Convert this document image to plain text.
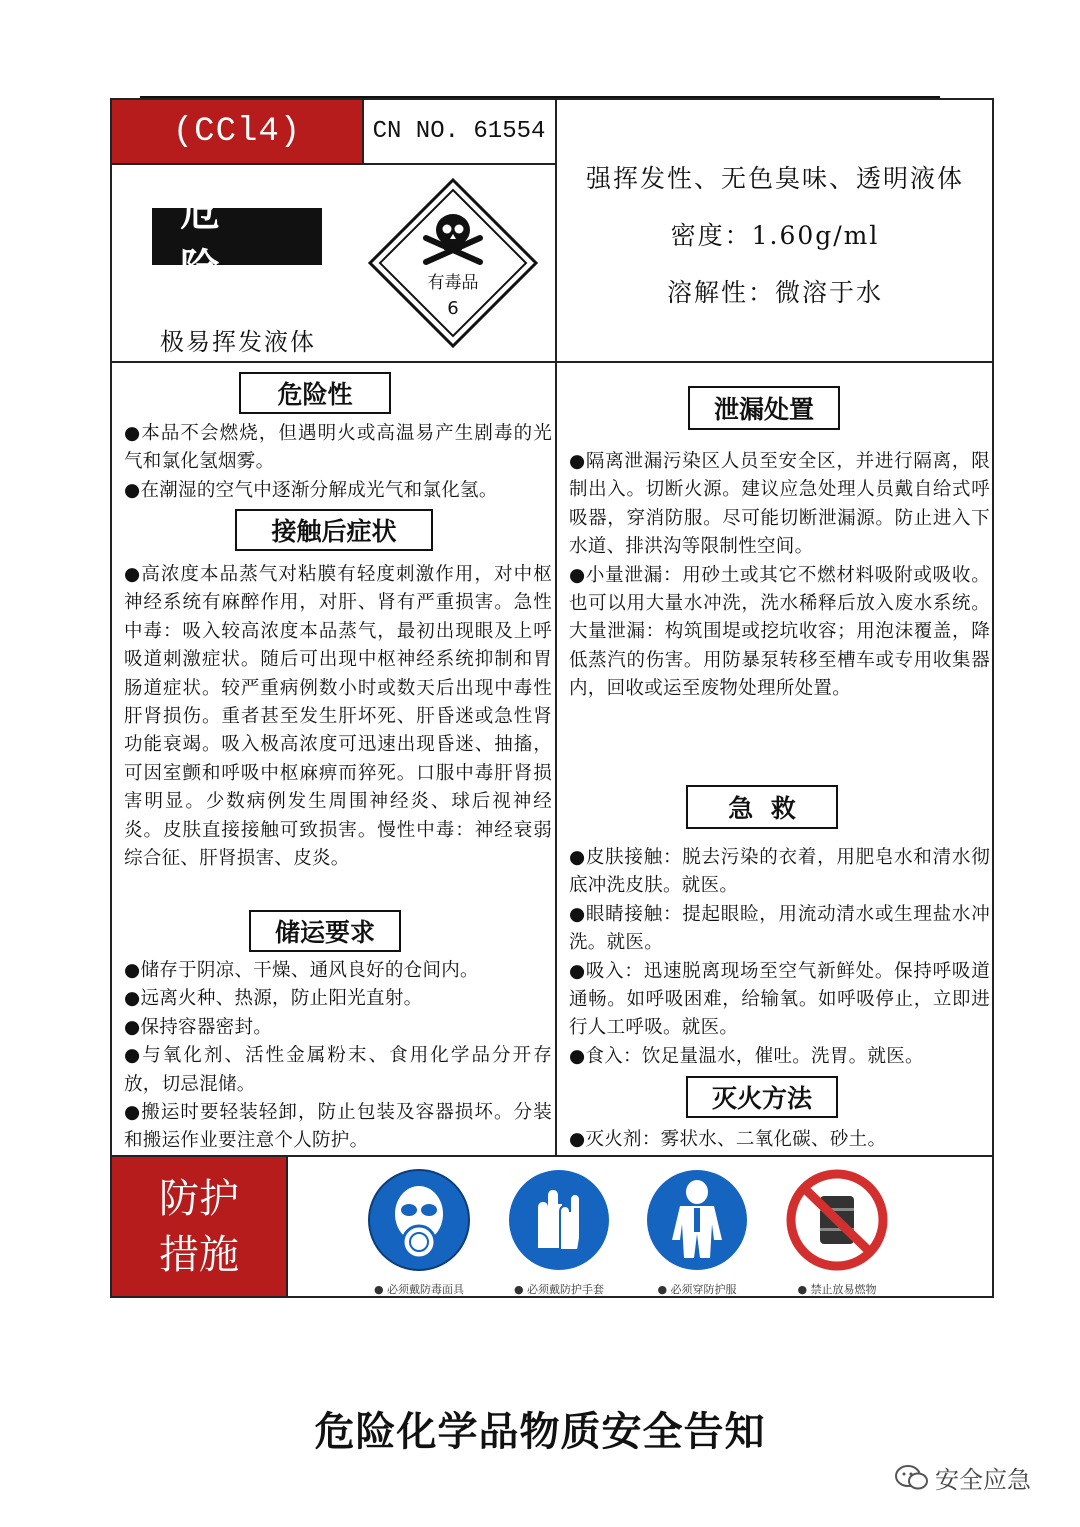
(CCl4)	CN NO. 61554
危 险
极易挥发液体
有毒品
6
强挥发性、无色臭味、透明液体
密度：1.60g/ml
溶解性：微溶于水
危险性

●本品不会燃烧，但遇明火或高温易产生剧毒的光气和氯化氢烟雾。

●在潮湿的空气中逐渐分解成光气和氯化氢。

接触后症状

●高浓度本品蒸气对粘膜有轻度刺激作用，对中枢神经系统有麻醉作用，对肝、肾有严重损害。急性中毒：吸入较高浓度本品蒸气，最初出现眼及上呼吸道刺激症状。随后可出现中枢神经系统抑制和胃肠道症状。较严重病例数小时或数天后出现中毒性肝肾损伤。重者甚至发生肝坏死、肝昏迷或急性肾功能衰竭。吸入极高浓度可迅速出现昏迷、抽搐，可因室颤和呼吸中枢麻痹而猝死。口服中毒肝肾损害明显。少数病例发生周围神经炎、球后视神经炎。皮肤直接接触可致损害。慢性中毒：神经衰弱综合征、肝肾损害、皮炎。

储运要求

●储存于阴凉、干燥、通风良好的仓间内。

●远离火种、热源，防止阳光直射。

●保持容器密封。

●与氧化剂、活性金属粉末、食用化学品分开存放，切忌混储。

●搬运时要轻装轻卸，防止包装及容器损坏。分装和搬运作业要注意个人防护。

泄漏处置

●隔离泄漏污染区人员至安全区，并进行隔离，限制出入。切断火源。建议应急处理人员戴自给式呼吸器，穿消防服。尽可能切断泄漏源。防止进入下水道、排洪沟等限制性空间。

●小量泄漏：用砂土或其它不燃材料吸附或吸收。也可以用大量水冲洗，洗水稀释后放入废水系统。大量泄漏：构筑围堤或挖坑收容；用泡沫覆盖，降低蒸汽的伤害。用防暴泵转移至槽车或专用收集器内，回收或运至废物处理所处置。

急  救

●皮肤接触：脱去污染的衣着，用肥皂水和清水彻底冲洗皮肤。就医。

●眼睛接触：提起眼睑，用流动清水或生理盐水冲洗。就医。

●吸入：迅速脱离现场至空气新鲜处。保持呼吸道通畅。如呼吸困难，给输氧。如呼吸停止，立即进行人工呼吸。就医。

●食入：饮足量温水，催吐。洗胃。就医。

灭火方法

●灭火剂：雾状水、二氧化碳、砂土。

防护
措施
● 必须戴防毒面具	● 必须戴防护手套	● 必须穿防护服	● 禁止放易燃物
危险化学品物质安全告知
安全应急
